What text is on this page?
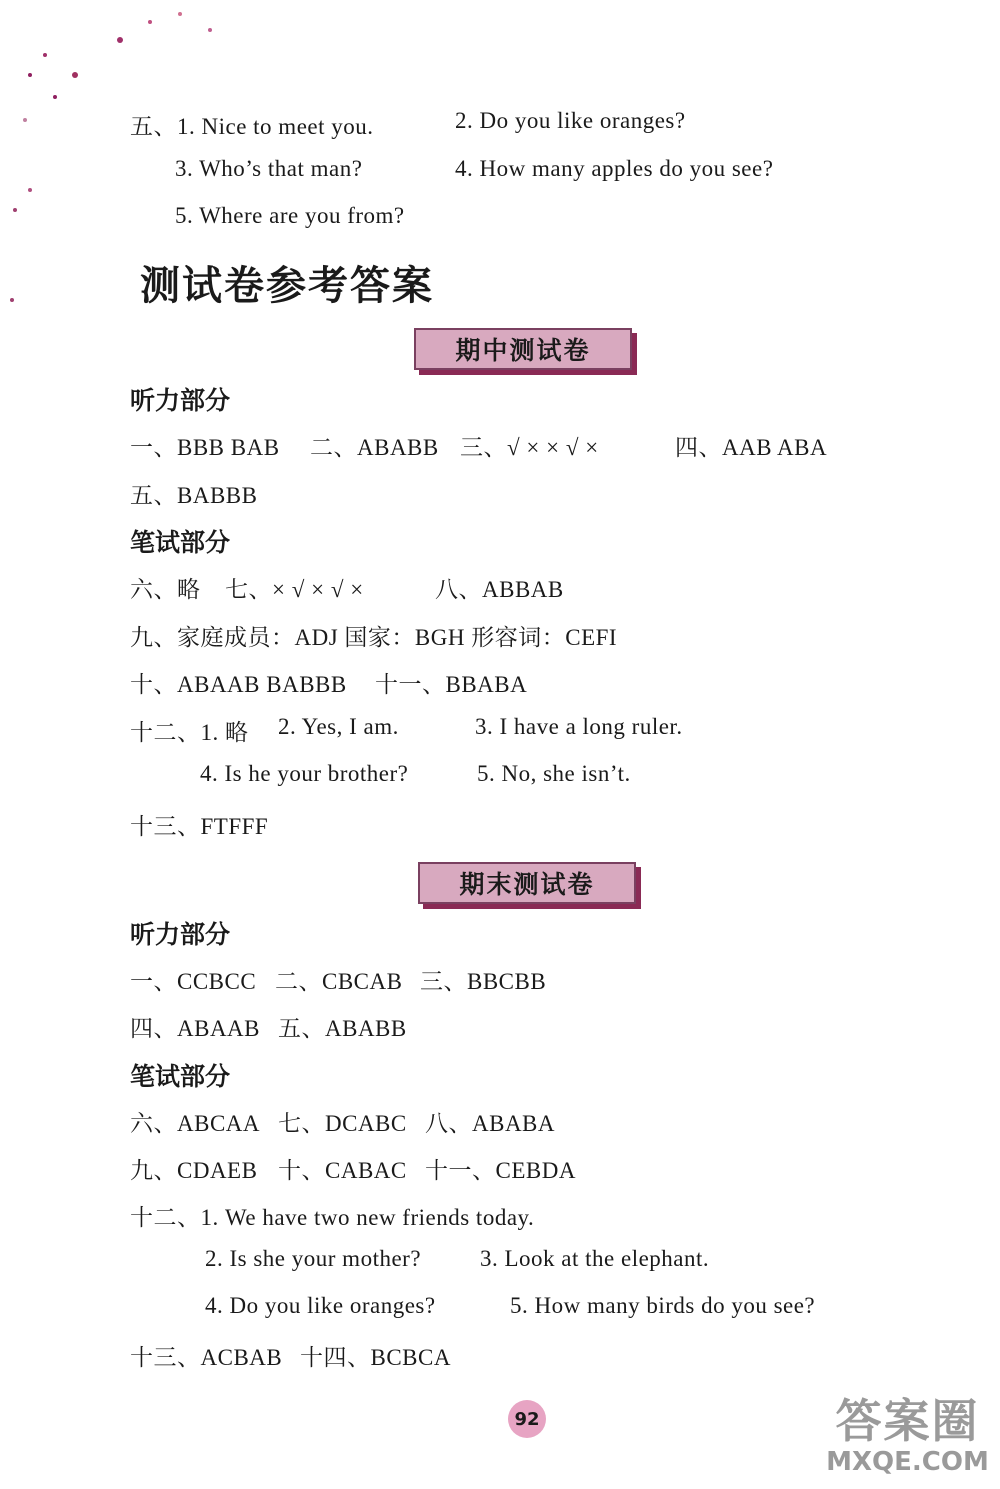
五、1. Nice to meet you.	2. Do you like oranges?
3. Who’s that man?	4. How many apples do you see?
5. Where are you from?
测试卷参考答案
期中测试卷
听力部分
一、BBB BAB 二、ABABB 三、√ × × √ ×	四、AAB ABA
五、BABBB
笔试部分
六、略 七、× √ × √ ×	八、ABBAB
九、家庭成员：ADJ 国家：BGH 形容词：CEFI
十、ABAAB BABBB 十一、BBABA
十二、1. 略 2. Yes, I am.	3. I have a long ruler.
4. Is he your brother?	5. No, she isn’t.
十三、FTFFF
期末测试卷
听力部分
一、CCBCC 二、CBCAB 三、BBCBB
四、ABAAB 五、ABABB
笔试部分
六、ABCAA 七、DCABC 八、ABABA
九、CDAEB 十、CABAC 十一、CEBDA
十二、1. We have two new friends today.
2. Is she your mother?	3. Look at the elephant.
4. Do you like oranges?	5. How many birds do you see?
十三、ACBAB 十四、BCBCA
92	答案圈
MXQE.COM
